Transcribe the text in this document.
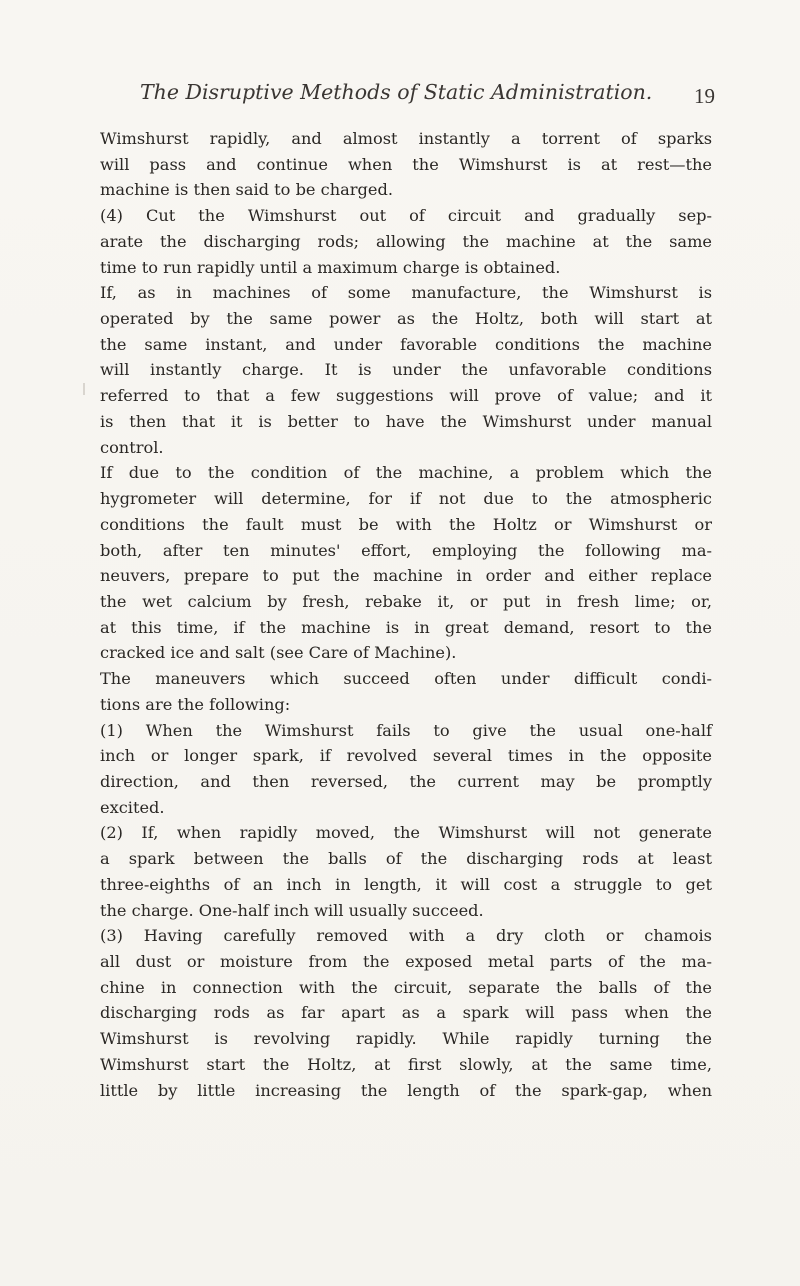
The Disruptive Methods of Static Administration. 19
Wimshurst rapidly, and almost instantly a torrent of sparks
will pass and continue when the Wimshurst is at rest—the
machine is then said to be charged.
(4) Cut the Wimshurst out of circuit and gradually sep-
arate the discharging rods; allowing the machine at the same
time to run rapidly until a maximum charge is obtained.
If, as in machines of some manufacture, the Wimshurst is
operated by the same power as the Holtz, both will start at
the same instant, and under favorable conditions the machine
will instantly charge. It is under the unfavorable conditions
referred to that a few suggestions will prove of value; and it
is then that it is better to have the Wimshurst under manual
control.
If due to the condition of the machine, a problem which the
hygrometer will determine, for if not due to the atmospheric
conditions the fault must be with the Holtz or Wimshurst or
both, after ten minutes' effort, employing the following ma-
neuvers, prepare to put the machine in order and either replace
the wet calcium by fresh, rebake it, or put in fresh lime; or,
at this time, if the machine is in great demand, resort to the
cracked ice and salt (see Care of Machine).
The maneuvers which succeed often under difficult condi-
tions are the following:
(1) When the Wimshurst fails to give the usual one-half
inch or longer spark, if revolved several times in the opposite
direction, and then reversed, the current may be promptly
excited.
(2) If, when rapidly moved, the Wimshurst will not generate
a spark between the balls of the discharging rods at least
three-eighths of an inch in length, it will cost a struggle to get
the charge. One-half inch will usually succeed.
(3) Having carefully removed with a dry cloth or chamois
all dust or moisture from the exposed metal parts of the ma-
chine in connection with the circuit, separate the balls of the
discharging rods as far apart as a spark will pass when the
Wimshurst is revolving rapidly. While rapidly turning the
Wimshurst start the Holtz, at first slowly, at the same time,
little by little increasing the length of the spark-gap, when
